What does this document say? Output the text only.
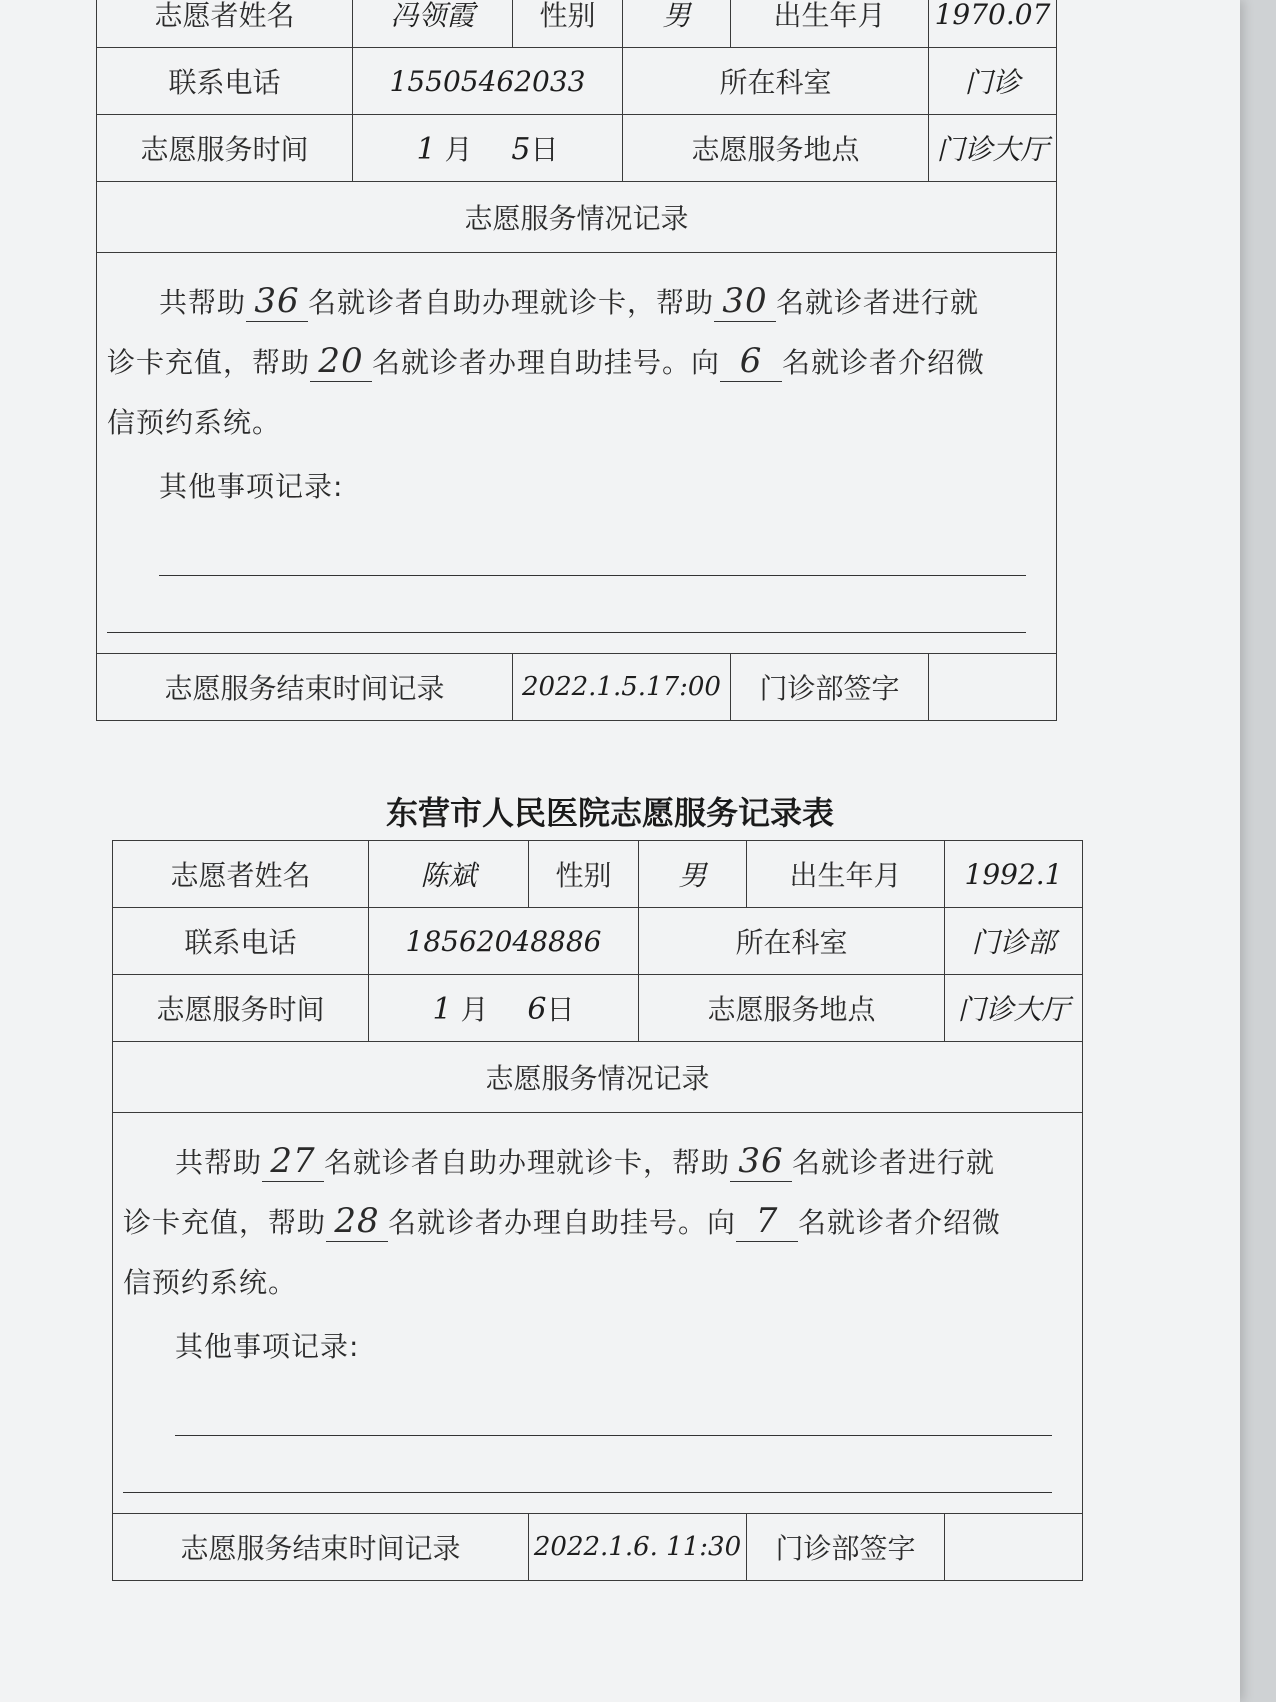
志愿者姓名	冯领霞	性别	男	出生年月	1970.07
联系电话	15505462033		所在科室		门诊
志愿服务时间	1 月 5日		志愿服务地点		门诊大厅
志愿服务情况记录					

共帮助 36 名就诊者自助办理就诊卡，帮助 30 名就诊者进行就
诊卡充值，帮助 20 名就诊者办理自助挂号。向 6 名就诊者介绍微
信预约系统。
其他事项记录:					

志愿服务结束时间记录		2022.1.5.17:00		门诊部签字	
东营市人民医院志愿服务记录表
志愿者姓名	陈斌	性别	男	出生年月	1992.1
联系电话	18562048886		所在科室		门诊部
志愿服务时间	1 月 6日		志愿服务地点		门诊大厅
志愿服务情况记录					

共帮助 27 名就诊者自助办理就诊卡，帮助 36 名就诊者进行就
诊卡充值，帮助 28 名就诊者办理自助挂号。向 7 名就诊者介绍微
信预约系统。
其他事项记录:					

志愿服务结束时间记录		2022.1.6. 11:30		门诊部签字	
